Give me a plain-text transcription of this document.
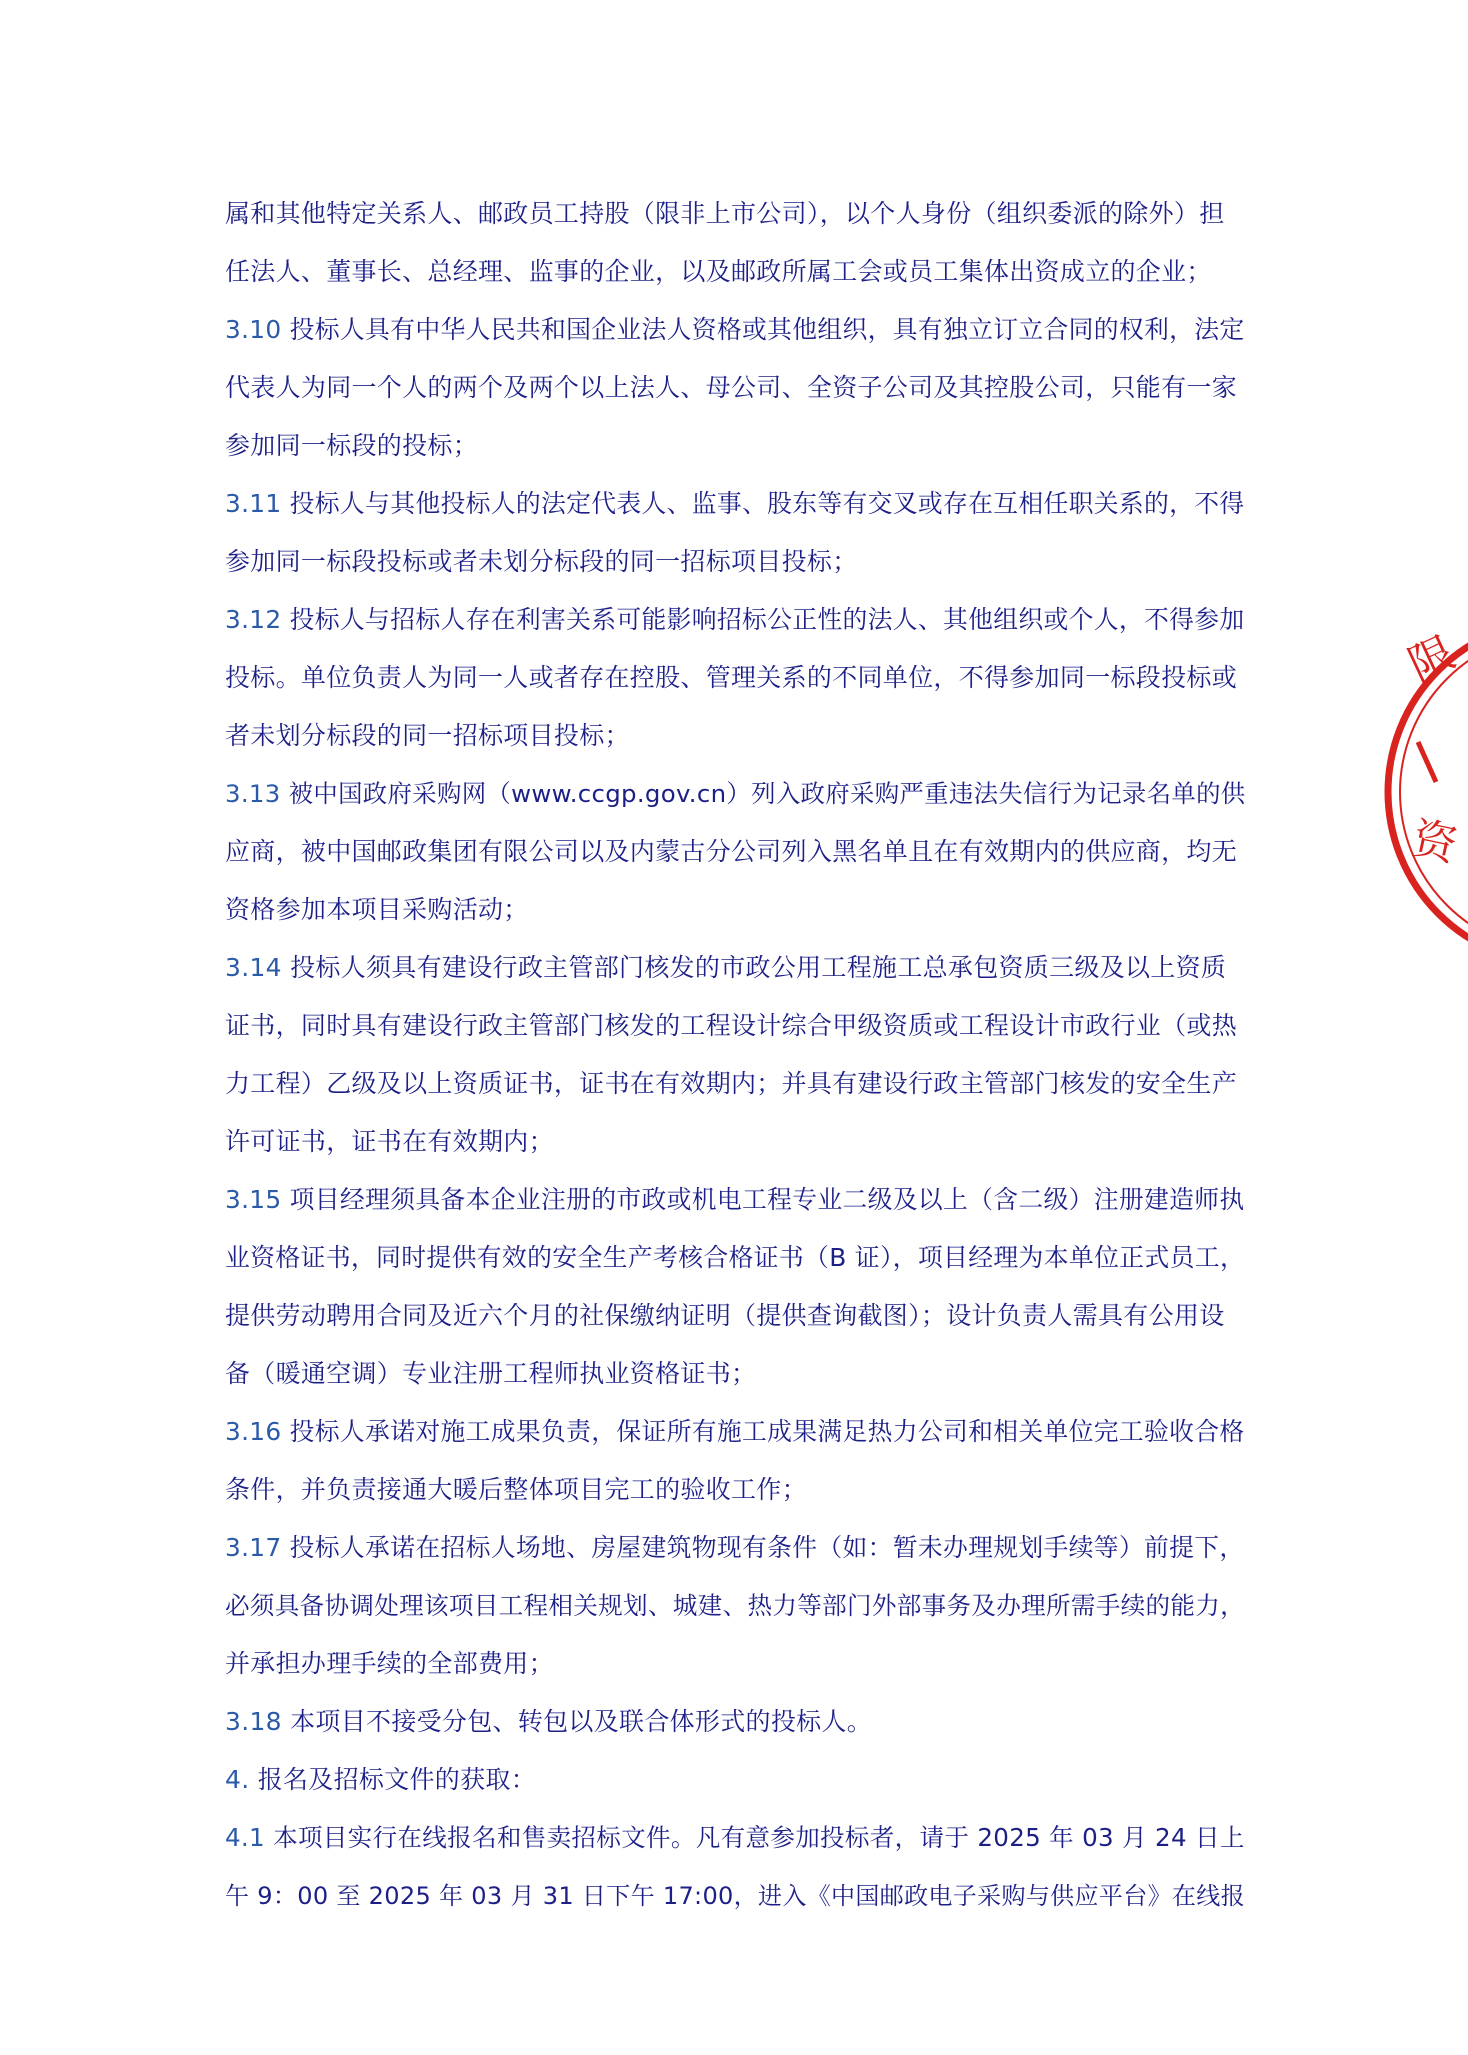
属和其他特定关系人、邮政员工持股（限非上市公司），以个人身份（组织委派的除外）担
任法人、董事长、总经理、监事的企业，以及邮政所属工会或员工集体出资成立的企业；
3.10 投标人具有中华人民共和国企业法人资格或其他组织，具有独立订立合同的权利，法定
代表人为同一个人的两个及两个以上法人、母公司、全资子公司及其控股公司，只能有一家
参加同一标段的投标；
3.11 投标人与其他投标人的法定代表人、监事、股东等有交叉或存在互相任职关系的，不得
参加同一标段投标或者未划分标段的同一招标项目投标；
3.12 投标人与招标人存在利害关系可能影响招标公正性的法人、其他组织或个人，不得参加
投标。单位负责人为同一人或者存在控股、管理关系的不同单位，不得参加同一标段投标或
者未划分标段的同一招标项目投标；
3.13 被中国政府采购网（www.ccgp.gov.cn）列入政府采购严重违法失信行为记录名单的供
应商，被中国邮政集团有限公司以及内蒙古分公司列入黑名单且在有效期内的供应商，均无
资格参加本项目采购活动；
3.14 投标人须具有建设行政主管部门核发的市政公用工程施工总承包资质三级及以上资质
证书，同时具有建设行政主管部门核发的工程设计综合甲级资质或工程设计市政行业（或热
力工程）乙级及以上资质证书，证书在有效期内；并具有建设行政主管部门核发的安全生产
许可证书，证书在有效期内；
3.15 项目经理须具备本企业注册的市政或机电工程专业二级及以上（含二级）注册建造师执
业资格证书，同时提供有效的安全生产考核合格证书（B 证），项目经理为本单位正式员工，
提供劳动聘用合同及近六个月的社保缴纳证明（提供查询截图）；设计负责人需具有公用设
备（暖通空调）专业注册工程师执业资格证书；
3.16 投标人承诺对施工成果负责，保证所有施工成果满足热力公司和相关单位完工验收合格
条件，并负责接通大暖后整体项目完工的验收工作；
3.17 投标人承诺在招标人场地、房屋建筑物现有条件（如：暂未办理规划手续等）前提下，
必须具备协调处理该项目工程相关规划、城建、热力等部门外部事务及办理所需手续的能力，
并承担办理手续的全部费用；
3.18 本项目不接受分包、转包以及联合体形式的投标人。
4. 报名及招标文件的获取：
4.1 本项目实行在线报名和售卖招标文件。凡有意参加投标者，请于 2025 年 03 月 24 日上
午 9：00 至 2025 年 03 月 31 日下午 17:00，进入《中国邮政电子采购与供应平台》在线报
限
资
